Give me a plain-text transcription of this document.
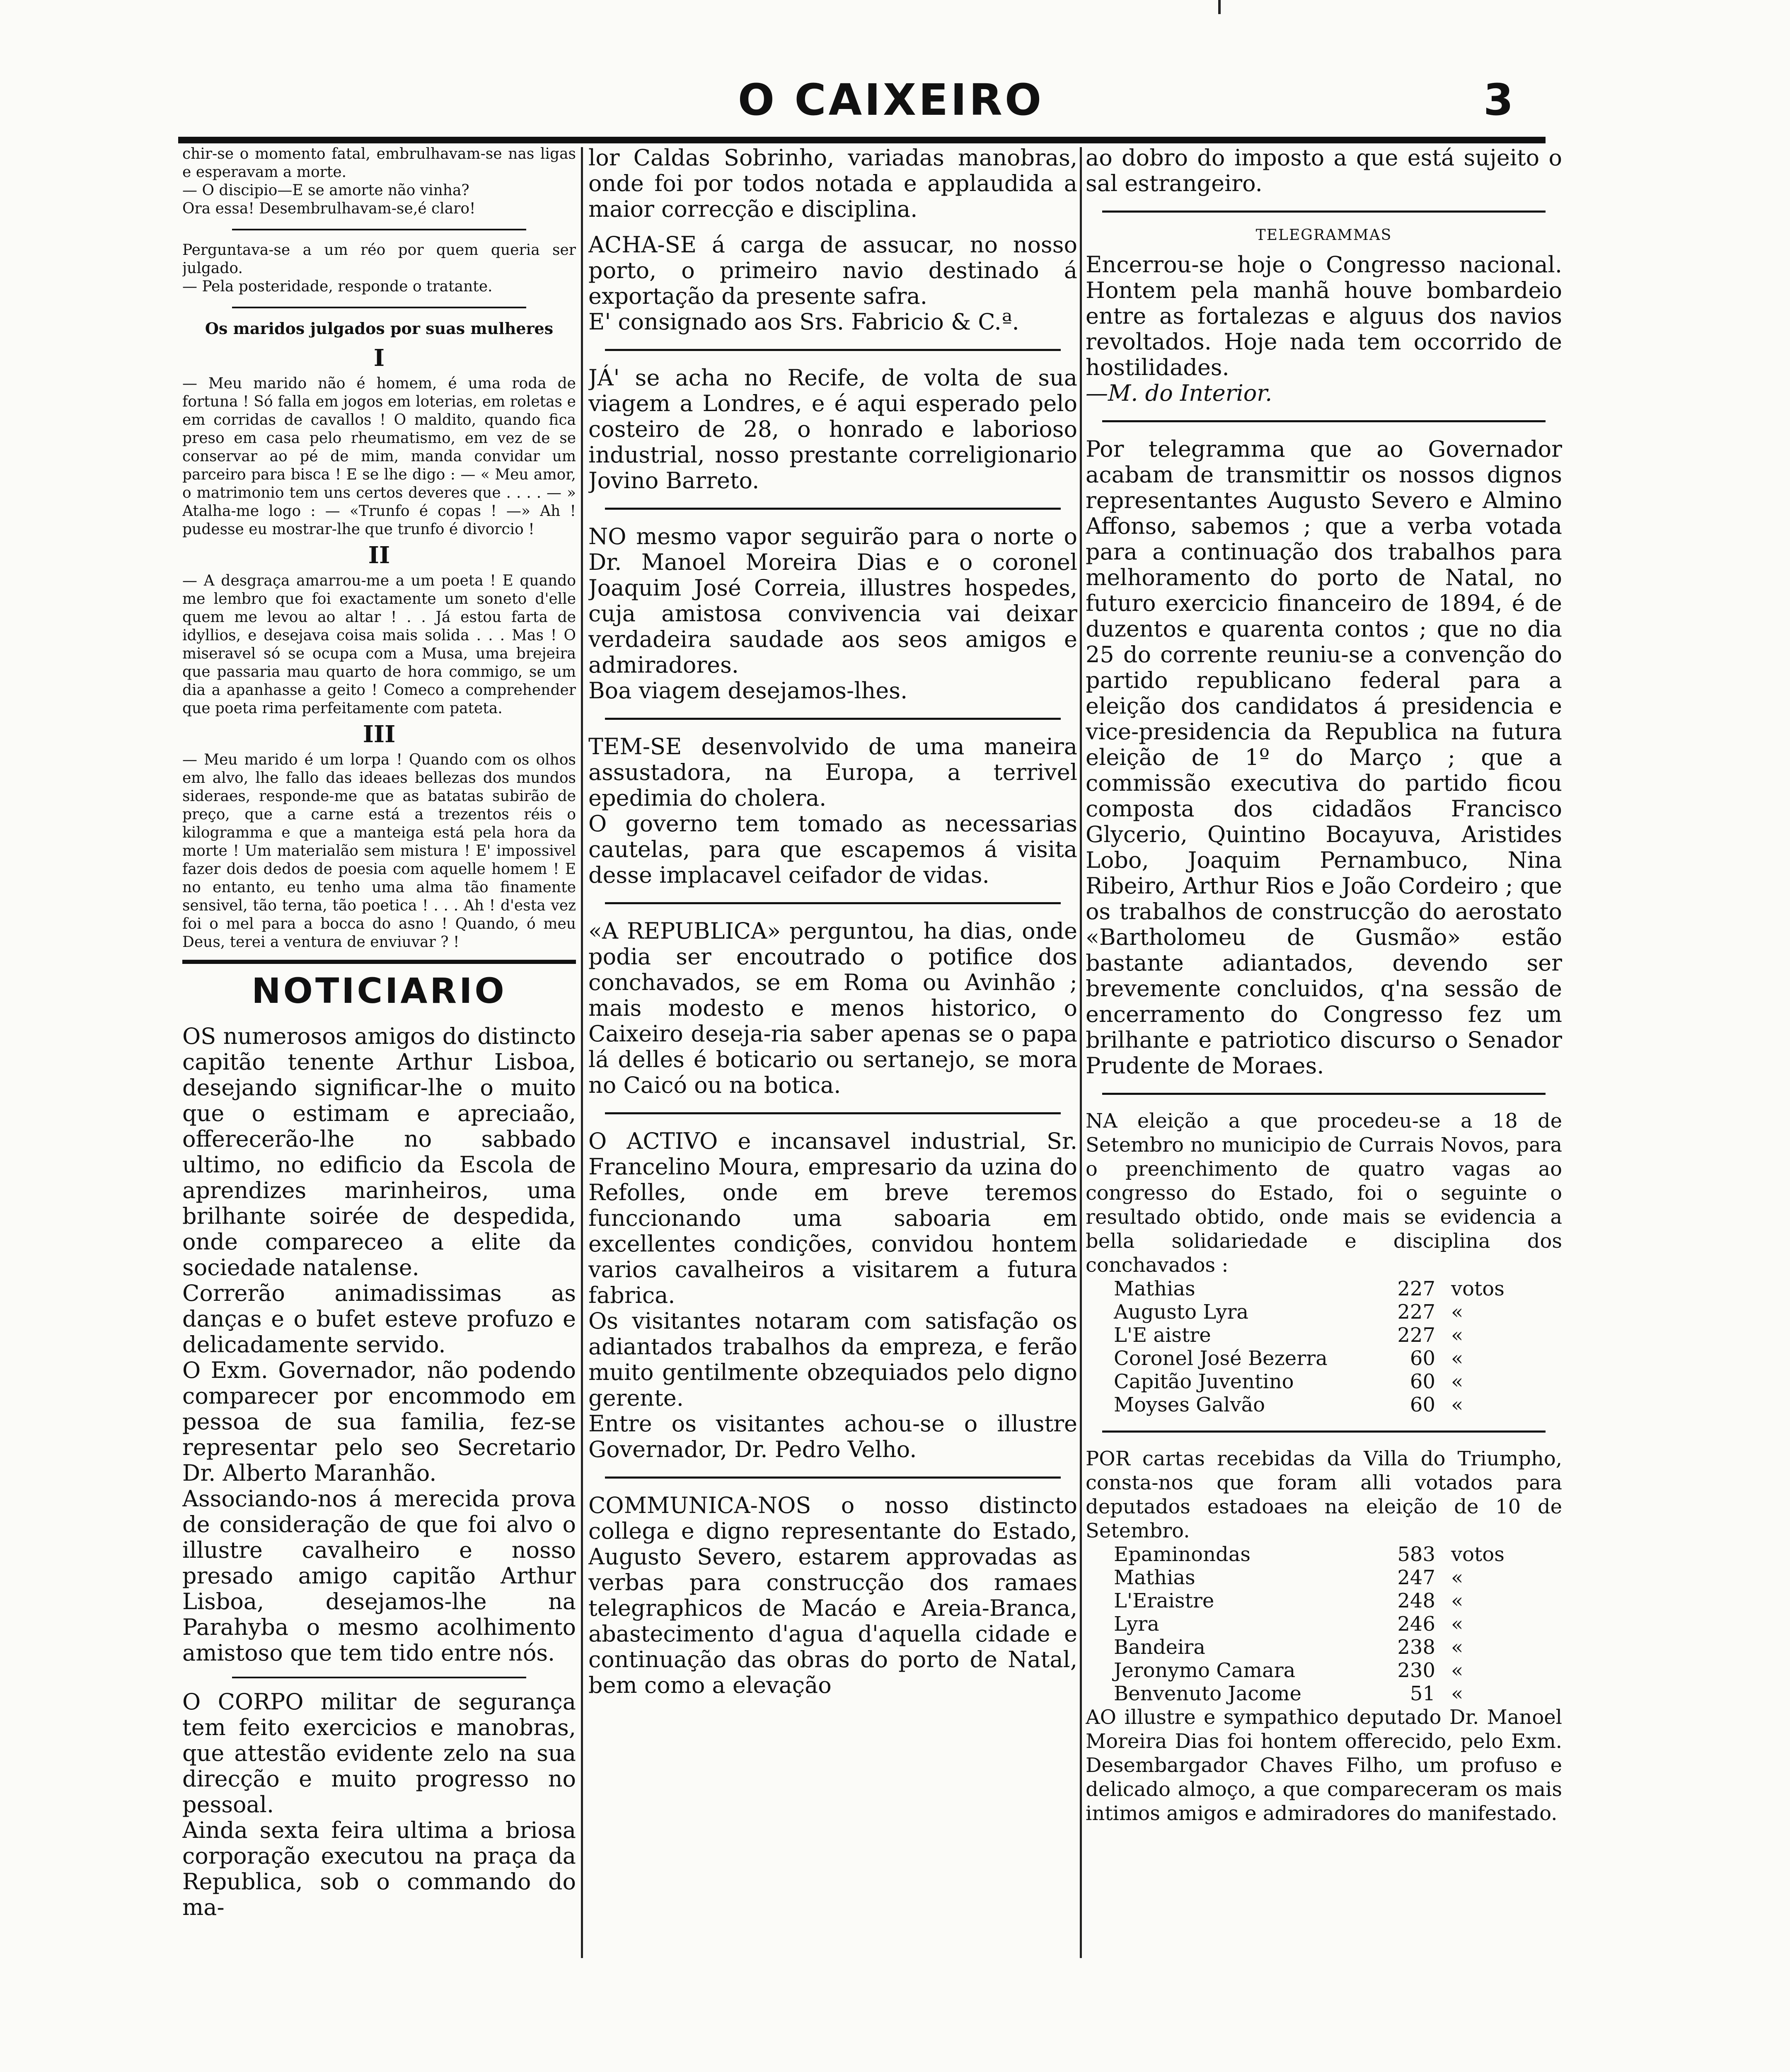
O CAIXEIRO	3

chir-se o momento fatal, embrulhavam-se nas ligas e esperavam a morte.

— O discipio—E se amorte não vinha?

Ora essa! Desembrulhavam-se,é claro!

Perguntava-se a um réo por quem queria ser julgado.

— Pela posteridade, responde o tratante.

Os maridos julgados por suas mulheres
I

— Meu marido não é homem, é uma roda de fortuna ! Só falla em jogos em loterias, em roletas e em corridas de cavallos ! O maldito, quando fica preso em casa pelo rheumatismo, em vez de se conservar ao pé de mim, manda convidar um parceiro para bisca ! E se lhe digo : — « Meu amor, o matrimonio tem uns certos deveres que . . . . — » Atalha-me logo : — «Trunfo é copas ! —» Ah ! pudesse eu mostrar-lhe que trunfo é divorcio !

II

— A desgraça amarrou-me a um poeta ! E quando me lembro que foi exactamente um soneto d'elle quem me levou ao altar ! . . Já estou farta de idyllios, e desejava coisa mais solida . . . Mas ! O miseravel só se ocupa com a Musa, uma brejeira que passaria mau quarto de hora commigo, se um dia a apanhasse a geito ! Comeco a comprehender que poeta rima perfeitamente com pateta.

III

— Meu marido é um lorpa ! Quando com os olhos em alvo, lhe fallo das ideaes bellezas dos mundos sideraes, responde-me que as batatas subirão de preço, que a carne está a trezentos réis o kilogramma e que a manteiga está pela hora da morte ! Um materialão sem mistura ! E' impossivel fazer dois dedos de poesia com aquelle homem ! E no entanto, eu tenho uma alma tão finamente sensivel, tão terna, tão poetica ! . . . Ah ! d'esta vez foi o mel para a bocca do asno ! Quando, ó meu Deus, terei a ventura de enviuvar ? !

NOTICIARIO

OS numerosos amigos do distincto capitão tenente Arthur Lisboa, desejando significar-lhe o muito que o estimam e apreciaão, offerecerão-lhe no sabbado ultimo, no edificio da Escola de aprendizes marinheiros, uma brilhante soirée de despedida, onde compareceo a elite da sociedade natalense.

Correrão animadissimas as danças e o bufet esteve profuzo e delicadamente servido.

O Exm. Governador, não podendo comparecer por encommodo em pessoa de sua familia, fez-se representar pelo seo Secretario Dr. Alberto Maranhão.

Associando-nos á merecida prova de consideração de que foi alvo o illustre cavalheiro e nosso presado amigo capitão Arthur Lisboa, desejamos-lhe na Parahyba o mesmo acolhimento amistoso que tem tido entre nós.

O CORPO militar de segurança tem feito exercicios e manobras, que attestão evidente zelo na sua direcção e muito progresso no pessoal.

Ainda sexta feira ultima a briosa corporação executou na praça da Republica, sob o commando do ma-

lor Caldas Sobrinho, variadas manobras, onde foi por todos notada e applaudida a maior correcção e disciplina.

ACHA-SE á carga de assucar, no nosso porto, o primeiro navio destinado á exportação da presente safra.

E' consignado aos Srs. Fabricio & C.ª.

JÁ' se acha no Recife, de volta de sua viagem a Londres, e é aqui esperado pelo costeiro de 28, o honrado e laborioso industrial, nosso prestante correligionario Jovino Barreto.

NO mesmo vapor seguirão para o norte o Dr. Manoel Moreira Dias e o coronel Joaquim José Correia, illustres hospedes, cuja amistosa convivencia vai deixar verdadeira saudade aos seos amigos e admiradores.

Boa viagem desejamos-lhes.

TEM-SE desenvolvido de uma maneira assustadora, na Europa, a terrivel epedimia do cholera.

O governo tem tomado as necessarias cautelas, para que escapemos á visita desse implacavel ceifador de vidas.

«A REPUBLICA» perguntou, ha dias, onde podia ser encoutrado o potifice dos conchavados, se em Roma ou Avinhão ; mais modesto e menos historico, o Caixeiro deseja-ria saber apenas se o papa lá delles é boticario ou sertanejo, se mora no Caicó ou na botica.

O ACTIVO e incansavel industrial, Sr. Francelino Moura, empresario da uzina do Refolles, onde em breve teremos funccionando uma saboaria em excellentes condições, convidou hontem varios cavalheiros a visitarem a futura fabrica.

Os visitantes notaram com satisfação os adiantados trabalhos da empreza, e ferão muito gentilmente obzequiados pelo digno gerente.

Entre os visitantes achou-se o illustre Governador, Dr. Pedro Velho.

COMMUNICA-NOS o nosso distincto collega e digno representante do Estado, Augusto Severo, estarem approvadas as verbas para construcção dos ramaes telegraphicos de Macáo e Areia-Branca, abastecimento d'agua d'aquella cidade e continuação das obras do porto de Natal, bem como a elevação

ao dobro do imposto a que está sujeito o sal estrangeiro.

TELEGRAMMAS

Encerrou-se hoje o Congresso nacional. Hontem pela manhã houve bombardeio entre as fortalezas e alguus dos navios revoltados. Hoje nada tem occorrido de hostilidades.

—M. do Interior.

Por telegramma que ao Governador acabam de transmittir os nossos dignos representantes Augusto Severo e Almino Affonso, sabemos ; que a verba votada para a continuação dos trabalhos para melhoramento do porto de Natal, no futuro exercicio financeiro de 1894, é de duzentos e quarenta contos ; que no dia 25 do corrente reuniu-se a convenção do partido republicano federal para a eleição dos candidatos á presidencia e vice-presidencia da Republica na futura eleição de 1º do Março ; que a commissão executiva do partido ficou composta dos cidadãos Francisco Glycerio, Quintino Bocayuva, Aristides Lobo, Joaquim Pernambuco, Nina Ribeiro, Arthur Rios e João Cordeiro ; que os trabalhos de construcção do aerostato «Bartholomeu de Gusmão» estão bastante adiantados, devendo ser brevemente concluidos, q'na sessão de encerramento do Congresso fez um brilhante e patriotico discurso o Senador Prudente de Moraes.

NA eleição a que procedeu-se a 18 de Setembro no municipio de Currais Novos, para o preenchimento de quatro vagas ao congresso do Estado, foi o seguinte o resultado obtido, onde mais se evidencia a bella solidariedade e disciplina dos conchavados :

Mathias	227	votos
Augusto Lyra	227	«
L'E aistre	227	«
Coronel José Bezerra	60	«
Capitão Juventino	60	«
Moyses Galvão	60	«

POR cartas recebidas da Villa do Triumpho, consta-nos que foram alli votados para deputados estadoaes na eleição de 10 de Setembro.

Epaminondas	583	votos
Mathias	247	«
L'Eraistre	248	«
Lyra	246	«
Bandeira	238	«
Jeronymo Camara	230	«
Benvenuto Jacome	51	«

AO illustre e sympathico deputado Dr. Manoel Moreira Dias foi hontem offerecido, pelo Exm. Desembargador Chaves Filho, um profuso e delicado almoço, a que compareceram os mais intimos amigos e admiradores do manifestado.
